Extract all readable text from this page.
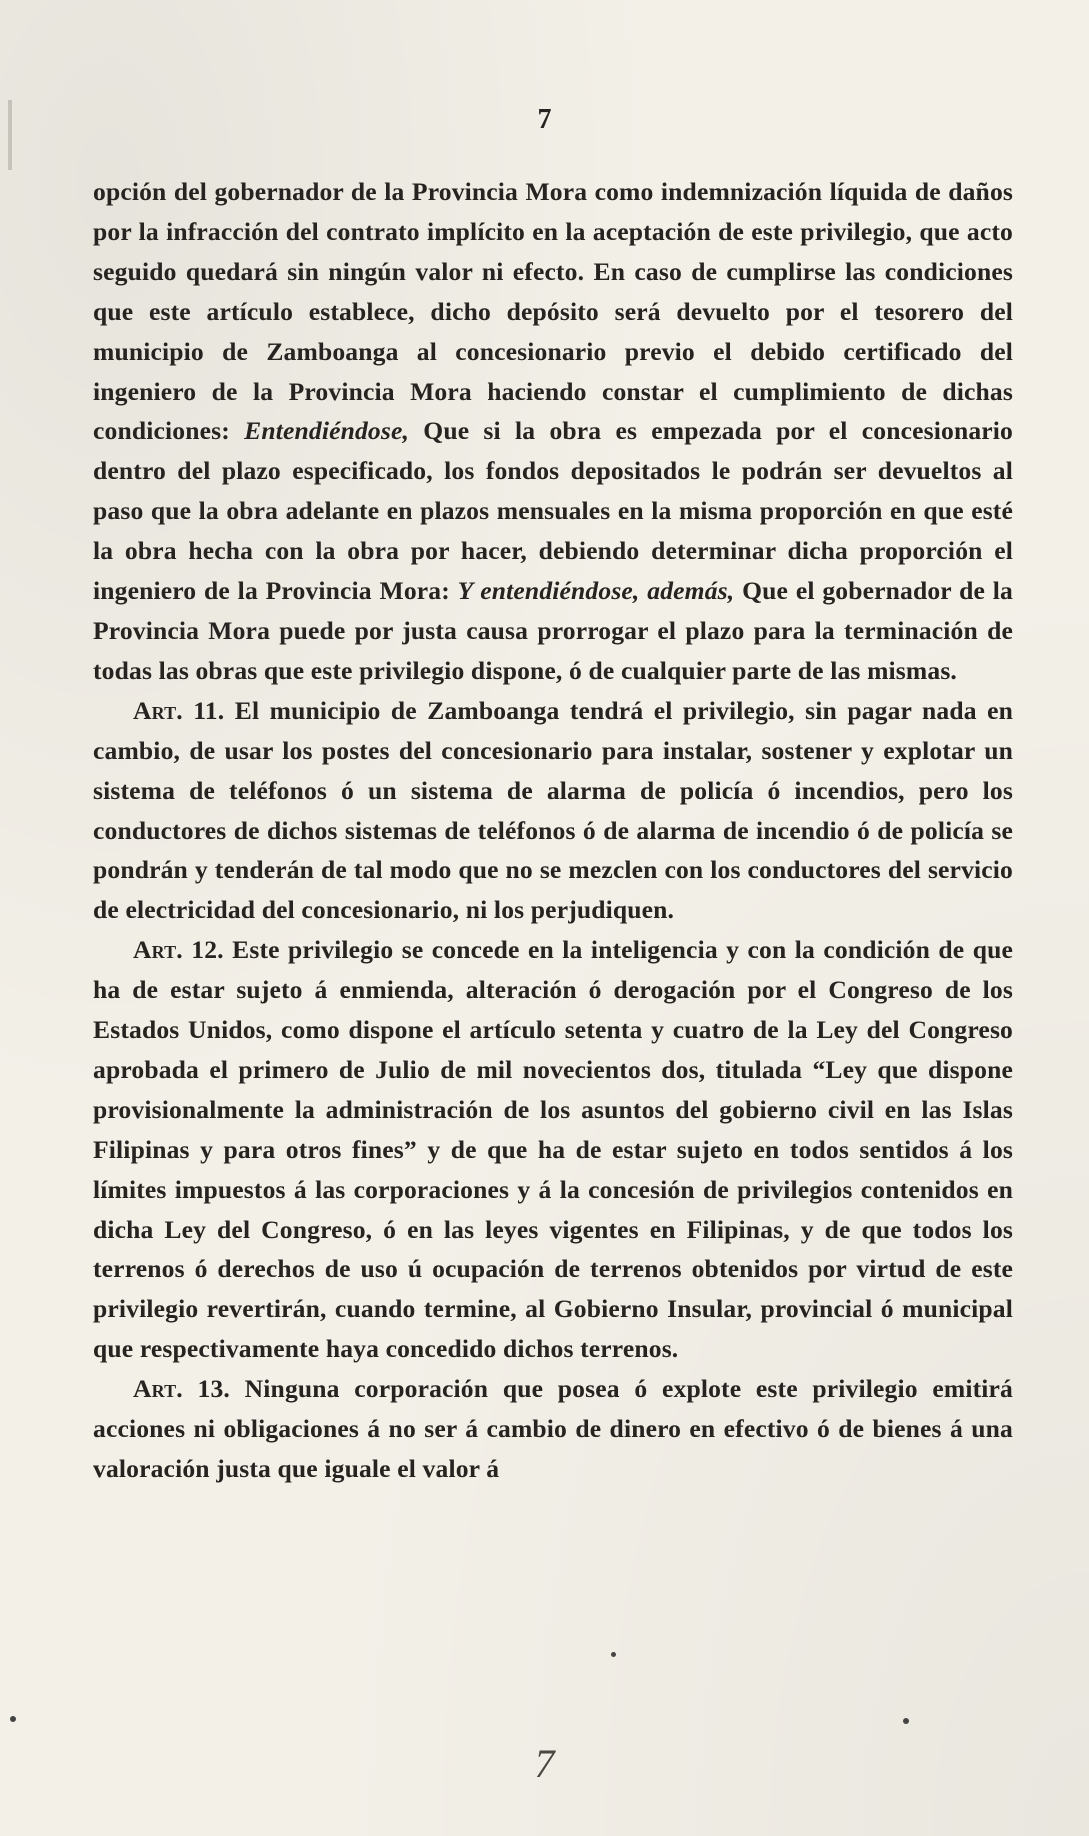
7

opción del gobernador de la Provincia Mora como indemnización líquida de daños por la infracción del contrato implícito en la aceptación de este privilegio, que acto seguido quedará sin ningún valor ni efecto. En caso de cumplirse las condiciones que este artículo establece, dicho depósito será devuelto por el tesorero del municipio de Zamboanga al concesionario previo el debido certificado del ingeniero de la Provincia Mora haciendo constar el cumplimiento de dichas condiciones: Entendiéndose, Que si la obra es empezada por el concesionario dentro del plazo especificado, los fondos depositados le podrán ser devueltos al paso que la obra adelante en plazos mensuales en la misma proporción en que esté la obra hecha con la obra por hacer, debiendo determinar dicha proporción el ingeniero de la Provincia Mora: Y entendiéndose, además, Que el gobernador de la Provincia Mora puede por justa causa prorrogar el plazo para la terminación de todas las obras que este privilegio dispone, ó de cualquier parte de las mismas.

Art. 11. El municipio de Zamboanga tendrá el privilegio, sin pagar nada en cambio, de usar los postes del concesionario para instalar, sostener y explotar un sistema de teléfonos ó un sistema de alarma de policía ó incendios, pero los conductores de dichos sistemas de teléfonos ó de alarma de incendio ó de policía se pondrán y tenderán de tal modo que no se mezclen con los conductores del servicio de electricidad del concesionario, ni los perjudiquen.

Art. 12. Este privilegio se concede en la inteligencia y con la condición de que ha de estar sujeto á enmienda, alteración ó derogación por el Congreso de los Estados Unidos, como dispone el artículo setenta y cuatro de la Ley del Congreso aprobada el primero de Julio de mil novecientos dos, titulada “Ley que dispone provisionalmente la administración de los asuntos del gobierno civil en las Islas Filipinas y para otros fines” y de que ha de estar sujeto en todos sentidos á los límites impuestos á las corporaciones y á la concesión de privilegios contenidos en dicha Ley del Congreso, ó en las leyes vigentes en Filipinas, y de que todos los terrenos ó derechos de uso ú ocupación de terrenos obtenidos por virtud de este privilegio revertirán, cuando termine, al Gobierno Insular, provincial ó municipal que respectivamente haya concedido dichos terrenos.

Art. 13. Ninguna corporación que posea ó explote este privilegio emitirá acciones ni obligaciones á no ser á cambio de dinero en efectivo ó de bienes á una valoración justa que iguale el valor á

7
